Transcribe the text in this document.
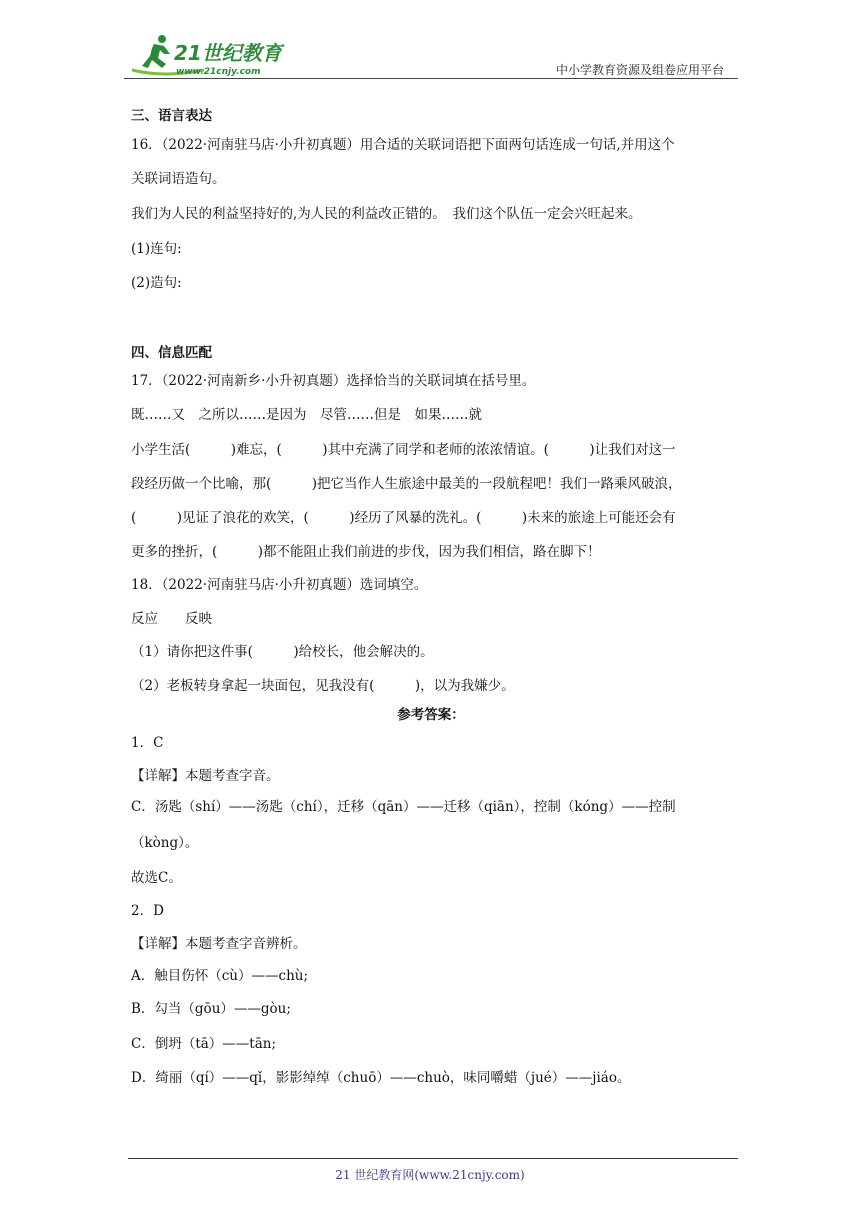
21世纪教育
www.21cnjy.com	中小学教育资源及组卷应用平台
三、语言表达
16．（2022·河南驻马店·小升初真题）用合适的关联词语把下面两句话连成一句话,并用这个
关联词语造句。
我们为人民的利益坚持好的,为人民的利益改正错的。　我们这个队伍一定会兴旺起来。
(1)连句:
(2)造句:
四、信息匹配
17．（2022·河南新乡·小升初真题）选择恰当的关联词填在括号里。
既……又　之所以……是因为　尽管……但是　如果……就
小学生活(　　　)难忘，(　　　)其中充满了同学和老师的浓浓情谊。(　　　)让我们对这一
段经历做一个比喻，那(　　　)把它当作人生旅途中最美的一段航程吧！我们一路乘风破浪，
(　　　)见证了浪花的欢笑，(　　　)经历了风暴的洗礼。(　　　)未来的旅途上可能还会有
更多的挫折，(　　　)都不能阻止我们前进的步伐，因为我们相信，路在脚下！
18．（2022·河南驻马店·小升初真题）选词填空。
反应　　反映
（1）请你把这件事(　　　)给校长，他会解决的。
（2）老板转身拿起一块面包，见我没有(　　　)，以为我嫌少。
参考答案：
1．C
【详解】本题考查字音。
C．汤匙（shí）——汤匙（chí），迁移（qān）——迁移（qiān），控制（kóng）——控制
（kòng）。
故选C。
2．D
【详解】本题考查字音辨析。
A．触目伤怀（cù）——chù;
B．勾当（gōu）——gòu;
C．倒坍（tā）——tān;
D．绮丽（qí）——qǐ，影影绰绰（chuō）——chuò，味同嚼蜡（jué）——jiáo。
21 世纪教育网(www.21cnjy.com)
